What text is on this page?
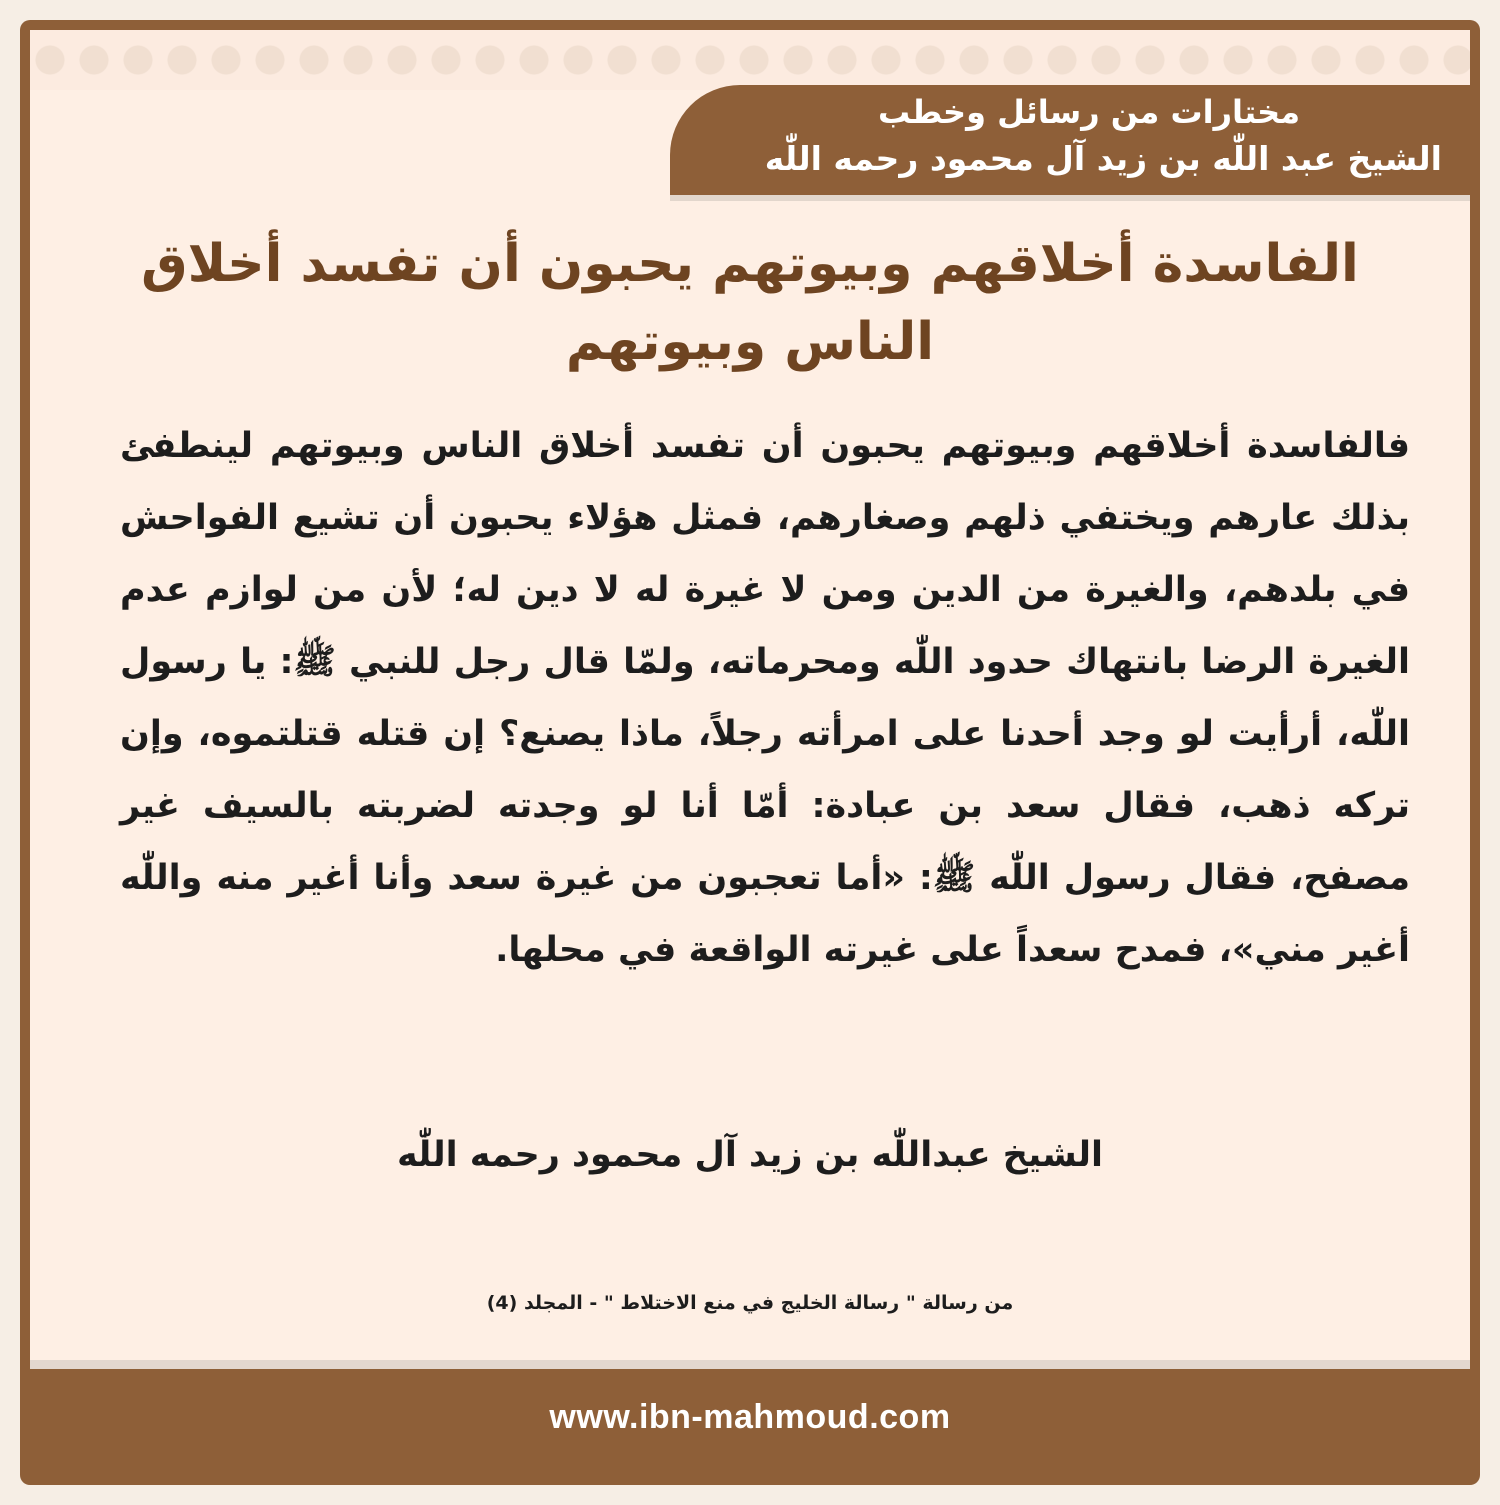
مختارات من رسائل وخطب
الشيخ عبد اللّٰه بن زيد آل محمود رحمه اللّٰه
الفاسدة أخلاقهم وبيوتهم يحبون أن تفسد أخلاق الناس وبيوتهم
فالفاسدة أخلاقهم وبيوتهم يحبون أن تفسد أخلاق الناس وبيوتهم لينطفئ بذلك عارهم ويختفي ذلهم وصغارهم، فمثل هؤلاء يحبون أن تشيع الفواحش في بلدهم، والغيرة من الدين ومن لا غيرة له لا دين له؛ لأن من لوازم عدم الغيرة الرضا بانتهاك حدود اللّٰه ومحرماته، ولمّا قال رجل للنبي ﷺ: يا رسول اللّٰه، أرأيت لو وجد أحدنا على امرأته رجلاً، ماذا يصنع؟ إن قتله قتلتموه، وإن تركه ذهب، فقال سعد بن عبادة: أمّا أنا لو وجدته لضربته بالسيف غير مصفح، فقال رسول اللّٰه ﷺ: «أما تعجبون من غيرة سعد وأنا أغير منه واللّٰه أغير مني»، فمدح سعداً على غيرته الواقعة في محلها.
الشيخ عبداللّٰه بن زيد آل محمود رحمه اللّٰه
من رسالة " رسالة الخليج في منع الاختلاط " - المجلد (4)
www.ibn-mahmoud.com
